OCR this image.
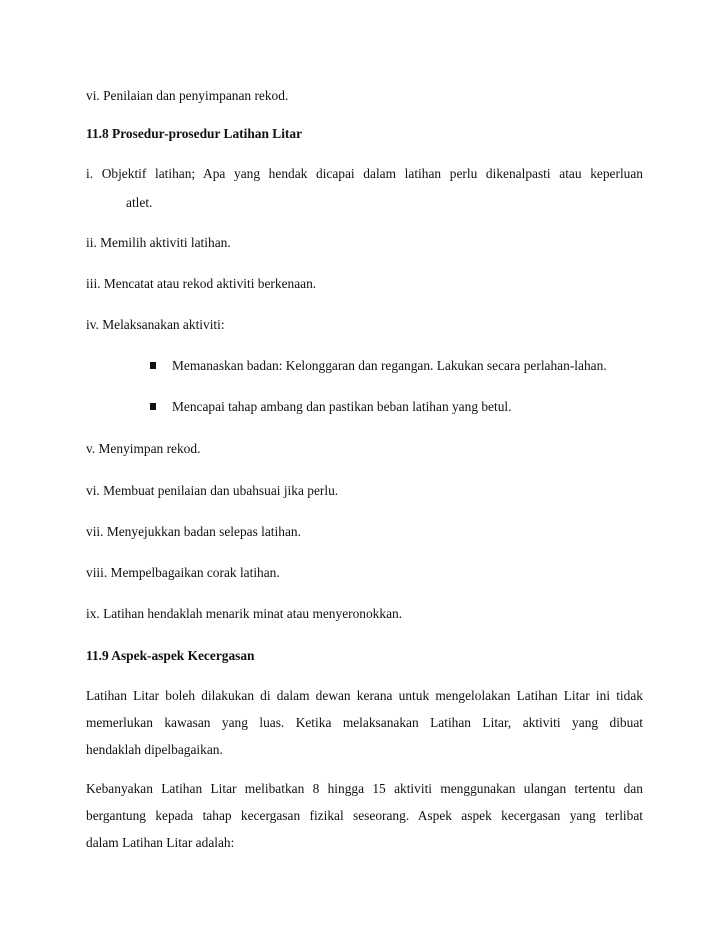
vi. Penilaian dan penyimpanan rekod.
11.8 Prosedur-prosedur Latihan Litar
i. Objektif latihan; Apa yang hendak dicapai dalam latihan perlu dikenalpasti atau keperluan
atlet.
ii. Memilih aktiviti latihan.
iii. Mencatat atau rekod aktiviti berkenaan.
iv. Melaksanakan aktiviti:
Memanaskan badan: Kelonggaran dan regangan. Lakukan secara perlahan-lahan.
Mencapai tahap ambang dan pastikan beban latihan yang betul.
v. Menyimpan rekod.
vi. Membuat penilaian dan ubahsuai jika perlu.
vii. Menyejukkan badan selepas latihan.
viii. Mempelbagaikan corak latihan.
ix. Latihan hendaklah menarik minat atau menyeronokkan.
11.9 Aspek-aspek Kecergasan
Latihan Litar boleh dilakukan di dalam dewan kerana untuk mengelolakan Latihan Litar ini tidak
memerlukan kawasan yang luas. Ketika melaksanakan Latihan Litar, aktiviti yang dibuat
hendaklah dipelbagaikan.
Kebanyakan Latihan Litar melibatkan 8 hingga 15 aktiviti menggunakan ulangan tertentu dan
bergantung kepada tahap kecergasan fizikal seseorang. Aspek aspek kecergasan yang terlibat
dalam Latihan Litar adalah:
